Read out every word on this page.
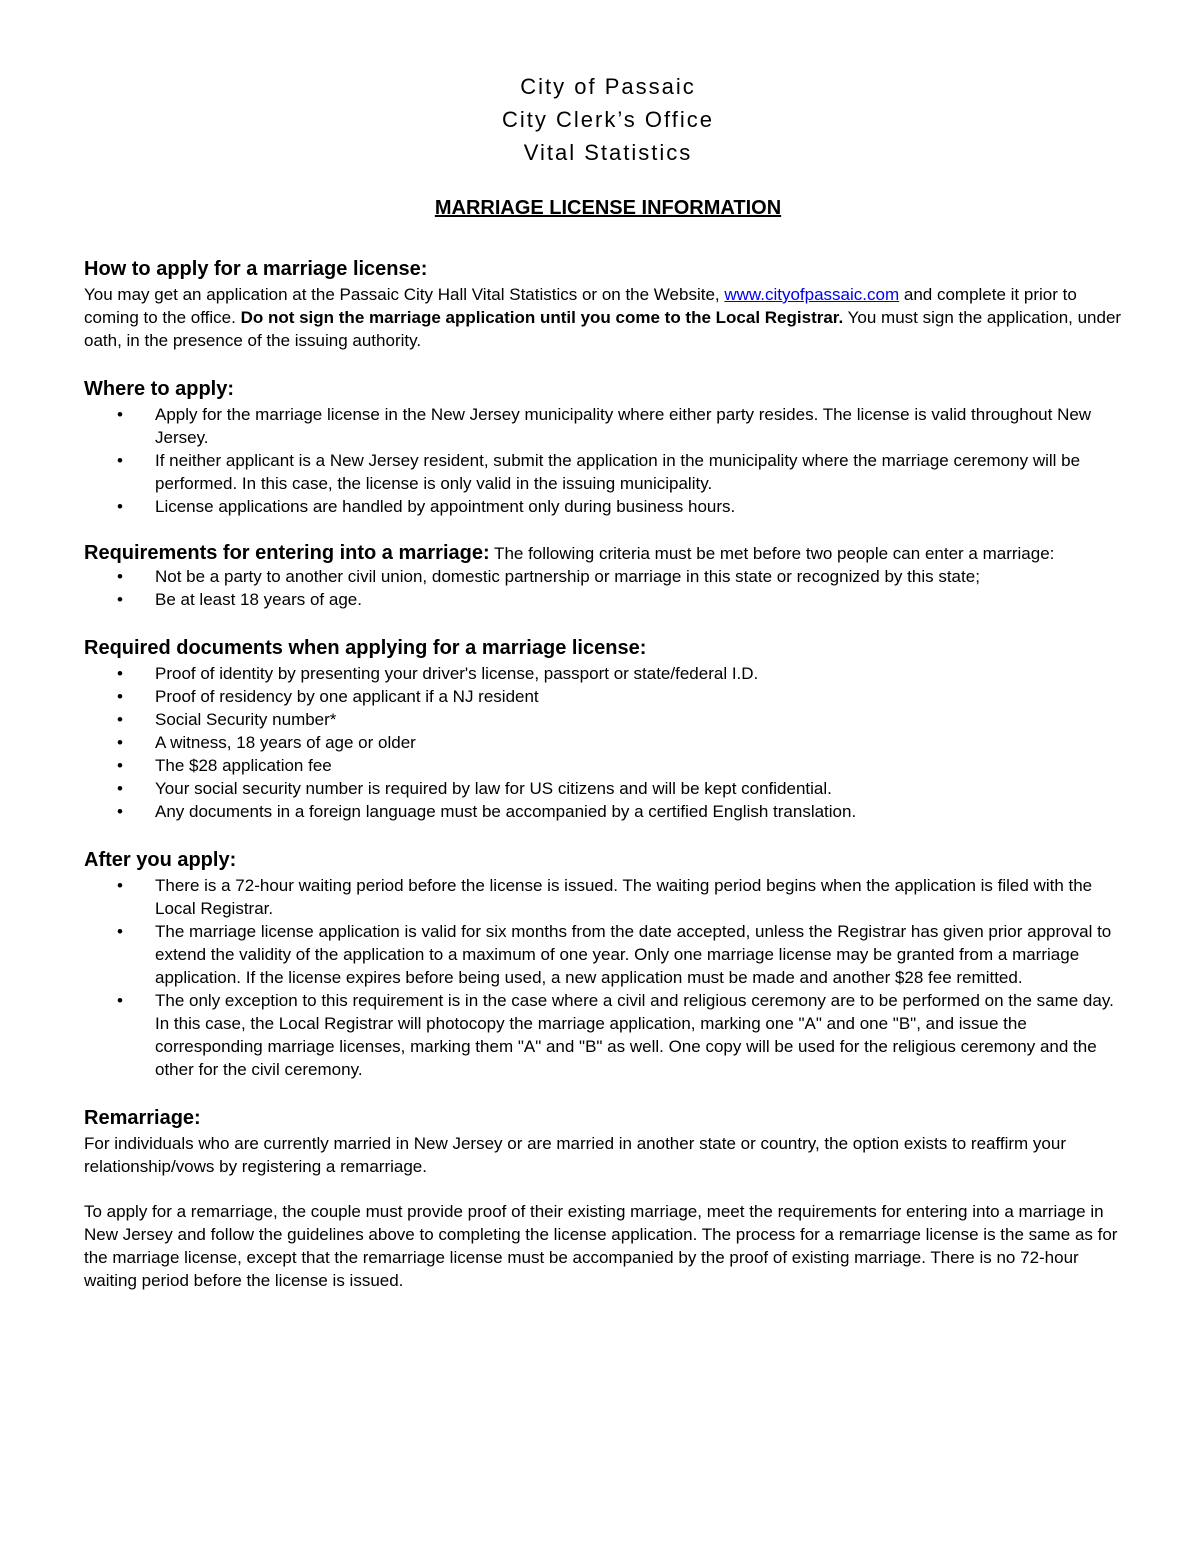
City of Passaic
City Clerk’s Office
Vital Statistics
MARRIAGE LICENSE INFORMATION
How to apply for a marriage license:

You may get an application at the Passaic City Hall Vital Statistics or on the Website, www.cityofpassaic.com and complete it prior to coming to the office. Do not sign the marriage application until you come to the Local Registrar. You must sign the application, under oath, in the presence of the issuing authority.

Where to apply:
• Apply for the marriage license in the New Jersey municipality where either party resides. The license is valid throughout New Jersey.
• If neither applicant is a New Jersey resident, submit the application in the municipality where the marriage ceremony will be performed. In this case, the license is only valid in the issuing municipality.
• License applications are handled by appointment only during business hours.

Requirements for entering into a marriage: The following criteria must be met before two people can enter a marriage:

• Not be a party to another civil union, domestic partnership or marriage in this state or recognized by this state;
• Be at least 18 years of age.
Required documents when applying for a marriage license:
• Proof of identity by presenting your driver's license, passport or state/federal I.D.
• Proof of residency by one applicant if a NJ resident
• Social Security number*
• A witness, 18 years of age or older
• The $28 application fee
• Your social security number is required by law for US citizens and will be kept confidential.
• Any documents in a foreign language must be accompanied by a certified English translation.
After you apply:
• There is a 72-hour waiting period before the license is issued. The waiting period begins when the application is filed with the Local Registrar.
• The marriage license application is valid for six months from the date accepted, unless the Registrar has given prior approval to extend the validity of the application to a maximum of one year. Only one marriage license may be granted from a marriage application. If the license expires before being used, a new application must be made and another $28 fee remitted.
• The only exception to this requirement is in the case where a civil and religious ceremony are to be performed on the same day. In this case, the Local Registrar will photocopy the marriage application, marking one "A" and one "B", and issue the corresponding marriage licenses, marking them "A" and "B" as well. One copy will be used for the religious ceremony and the other for the civil ceremony.
Remarriage:

For individuals who are currently married in New Jersey or are married in another state or country, the option exists to reaffirm your relationship/vows by registering a remarriage.

To apply for a remarriage, the couple must provide proof of their existing marriage, meet the requirements for entering into a marriage in New Jersey and follow the guidelines above to completing the license application. The process for a remarriage license is the same as for the marriage license, except that the remarriage license must be accompanied by the proof of existing marriage. There is no 72-hour waiting period before the license is issued.
